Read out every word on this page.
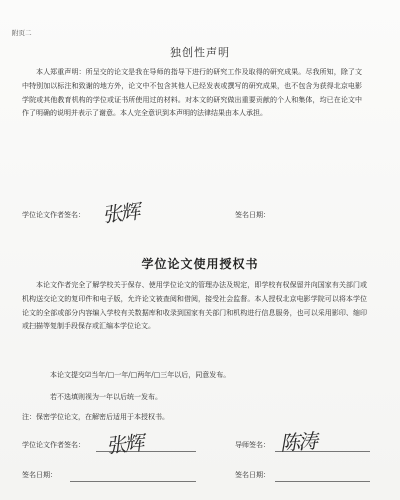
附页二
独创性声明
本人郑重声明：所呈交的论文是我在导师的指导下进行的研究工作及取得的研究成果。尽我所知，除了文中特别加以标注和致谢的地方外，论文中不包含其他人已经发表或撰写的研究成果，也不包含为获得北京电影学院或其他教育机构的学位或证书所使用过的材料。对本文的研究做出重要贡献的个人和集体，均已在论文中作了明确的说明并表示了谢意。本人完全意识到本声明的法律结果由本人承担。
学位论文作者签名： 张辉	签名日期：
学位论文使用授权书
本论文作者完全了解学校关于保存、使用学位论文的管理办法及规定，即学校有权保留并向国家有关部门或机构送交论文的复印件和电子版，允许论文被查阅和借阅，接受社会监督。本人授权北京电影学院可以将本学位论文的全部或部分内容编入学校有关数据库和收录到国家有关部门和机构进行信息服务，也可以采用影印、缩印或扫描等复制手段保存或汇编本学位论文。
本论文提交☑当年/□一年/□两年/□三年以后，同意发布。
若不选填则视为一年以后统一发布。
注：保密学位论文，在解密后适用于本授权书。
学位论文作者签名： 张辉	导师签名： 陈涛
签名日期：	签名日期：
